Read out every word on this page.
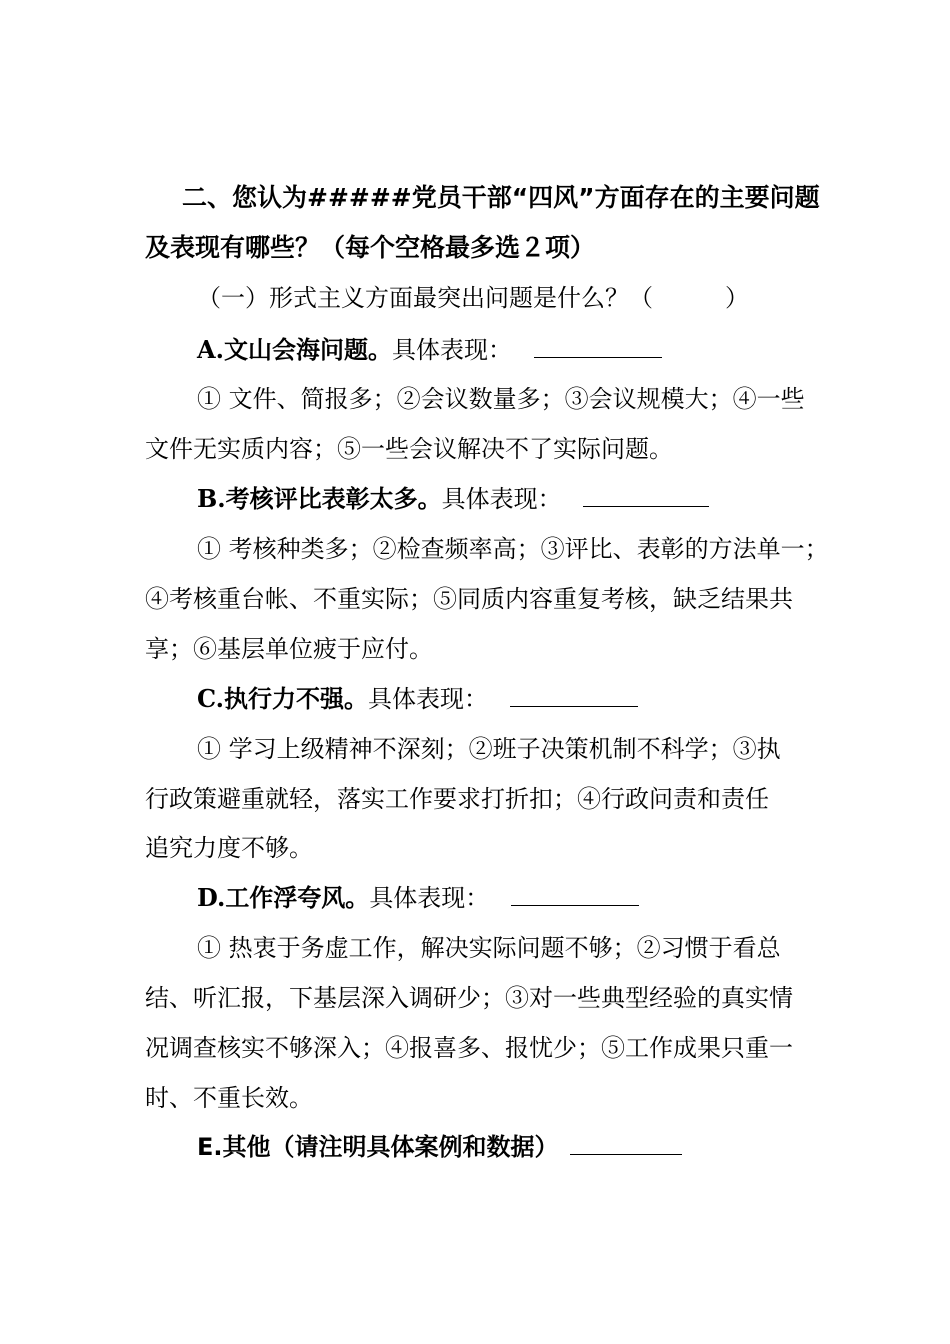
二、您认为#####党员干部“四风”方面存在的主要问题
及表现有哪些？（每个空格最多选２项）
（一）形式主义方面最突出问题是什么？（	）
A.文山会海问题。具体表现：
① 文件、简报多；②会议数量多；③会议规模大；④一些
文件无实质内容；⑤一些会议解决不了实际问题。
B.考核评比表彰太多。具体表现：
① 考核种类多；②检查频率高；③评比、表彰的方法单一；
④考核重台帐、不重实际；⑤同质内容重复考核，缺乏结果共
享；⑥基层单位疲于应付。
C.执行力不强。具体表现：
① 学习上级精神不深刻；②班子决策机制不科学；③执
行政策避重就轻，落实工作要求打折扣；④行政问责和责任
追究力度不够。
D.工作浮夸风。具体表现：
① 热衷于务虚工作，解决实际问题不够；②习惯于看总
结、听汇报，下基层深入调研少；③对一些典型经验的真实情
况调查核实不够深入；④报喜多、报忧少；⑤工作成果只重一
时、不重长效。
E.其他（请注明具体案例和数据）
